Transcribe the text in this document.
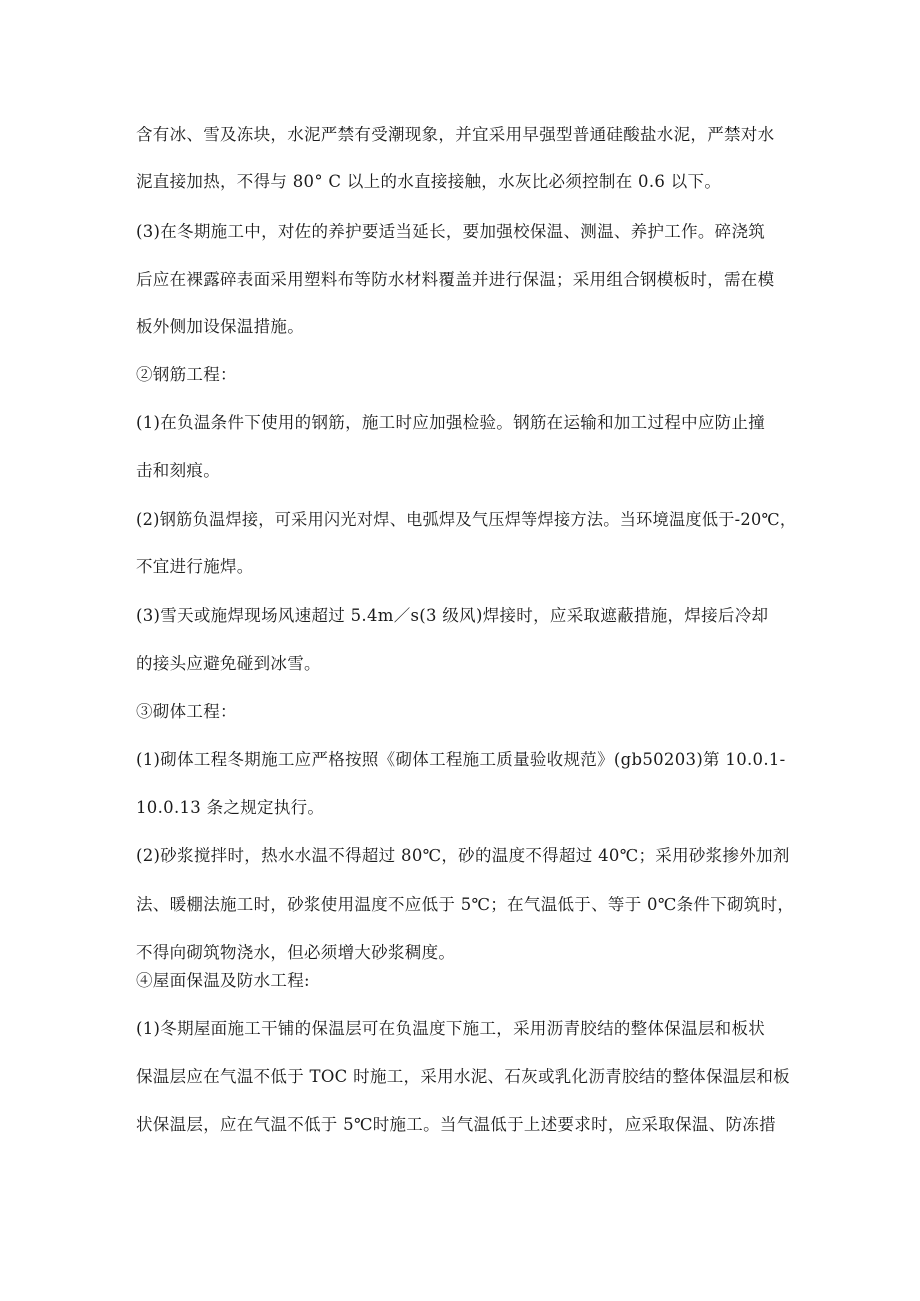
含有冰、雪及冻块，水泥严禁有受潮现象，并宜采用早强型普通硅酸盐水泥，严禁对水
泥直接加热，不得与 80° C 以上的水直接接触，水灰比必须控制在 0.6 以下。
(3)在冬期施工中，对佐的养护要适当延长，要加强校保温、测温、养护工作。碎浇筑
后应在裸露碎表面采用塑料布等防水材料覆盖并进行保温；采用组合钢模板时，需在模
板外侧加设保温措施。
②钢筋工程：
(1)在负温条件下使用的钢筋，施工时应加强检验。钢筋在运输和加工过程中应防止撞
击和刻痕。
(2)钢筋负温焊接，可采用闪光对焊、电弧焊及气压焊等焊接方法。当环境温度低于-20℃，
不宜进行施焊。
(3)雪天或施焊现场风速超过 5.4m／s(3 级风)焊接时，应采取遮蔽措施，焊接后冷却
的接头应避免碰到冰雪。
③砌体工程：
(1)砌体工程冬期施工应严格按照《砌体工程施工质量验收规范》(gb50203)第 10.0.1-
10.0.13 条之规定执行。
(2)砂浆搅拌时，热水水温不得超过 80℃，砂的温度不得超过 40℃；采用砂浆掺外加剂
法、暖棚法施工时，砂浆使用温度不应低于 5℃；在气温低于、等于 0℃条件下砌筑时，
不得向砌筑物浇水，但必须增大砂浆稠度。
④屋面保温及防水工程:
(1)冬期屋面施工干铺的保温层可在负温度下施工，采用沥青胶结的整体保温层和板状
保温层应在气温不低于 TOC 时施工，采用水泥、石灰或乳化沥青胶结的整体保温层和板
状保温层，应在气温不低于 5℃时施工。当气温低于上述要求时，应采取保温、防冻措
